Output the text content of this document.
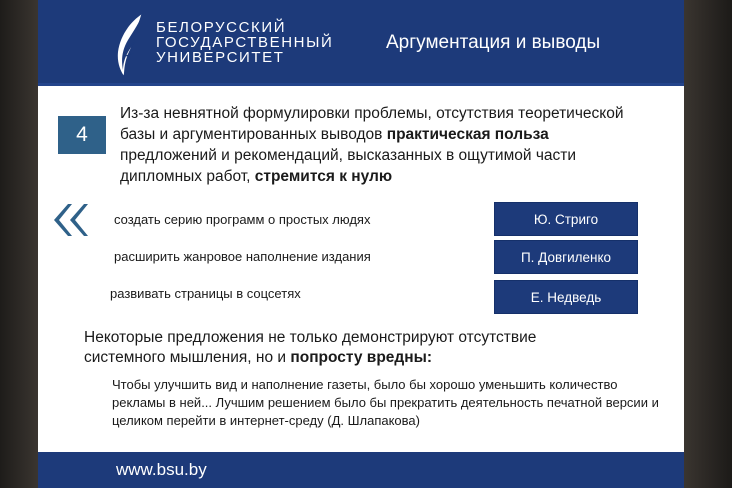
БЕЛОРУССКИЙ
ГОСУДАРСТВЕННЫЙ
УНИВЕРСИТЕТ
Аргументация и выводы
4
Из-за невнятной формулировки проблемы, отсутствия теоретической базы и аргументированных выводов практическая польза предложений и рекомендаций, высказанных в ощутимой части дипломных работ, стремится к нулю
создать серию программ о простых людях
расширить жанровое наполнение издания
развивать страницы в соцсетях
Ю. Стриго
П. Довгиленко
Е. Недведь
Некоторые предложения не только демонстрируют отсутствие системного мышления, но и попросту вредны:
Чтобы улучшить вид и наполнение газеты, было бы хорошо уменьшить количество рекламы в ней... Лучшим решением было бы прекратить деятельность печатной версии и целиком перейти в интернет-среду (Д. Шлапакова)
www.bsu.by
